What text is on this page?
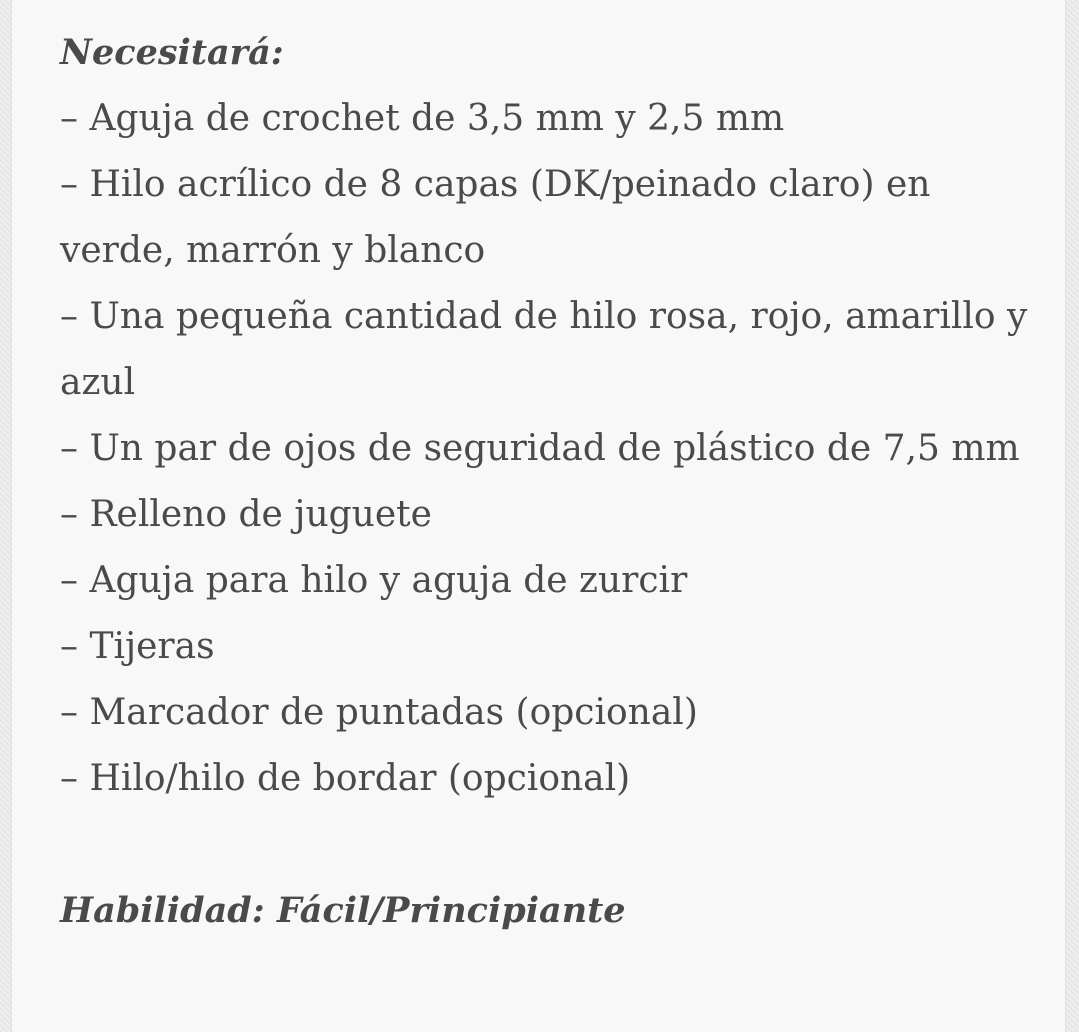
Necesitará:

– Aguja de crochet de 3,5 mm y 2,5 mm
– Hilo acrílico de 8 capas (DK/peinado claro) en verde, marrón y blanco
– Una pequeña cantidad de hilo rosa, rojo, amarillo y azul
– Un par de ojos de seguridad de plástico de 7,5 mm
– Relleno de juguete
– Aguja para hilo y aguja de zurcir
– Tijeras
– Marcador de puntadas (opcional)
– Hilo/hilo de bordar (opcional)

Habilidad: Fácil/Principiante
